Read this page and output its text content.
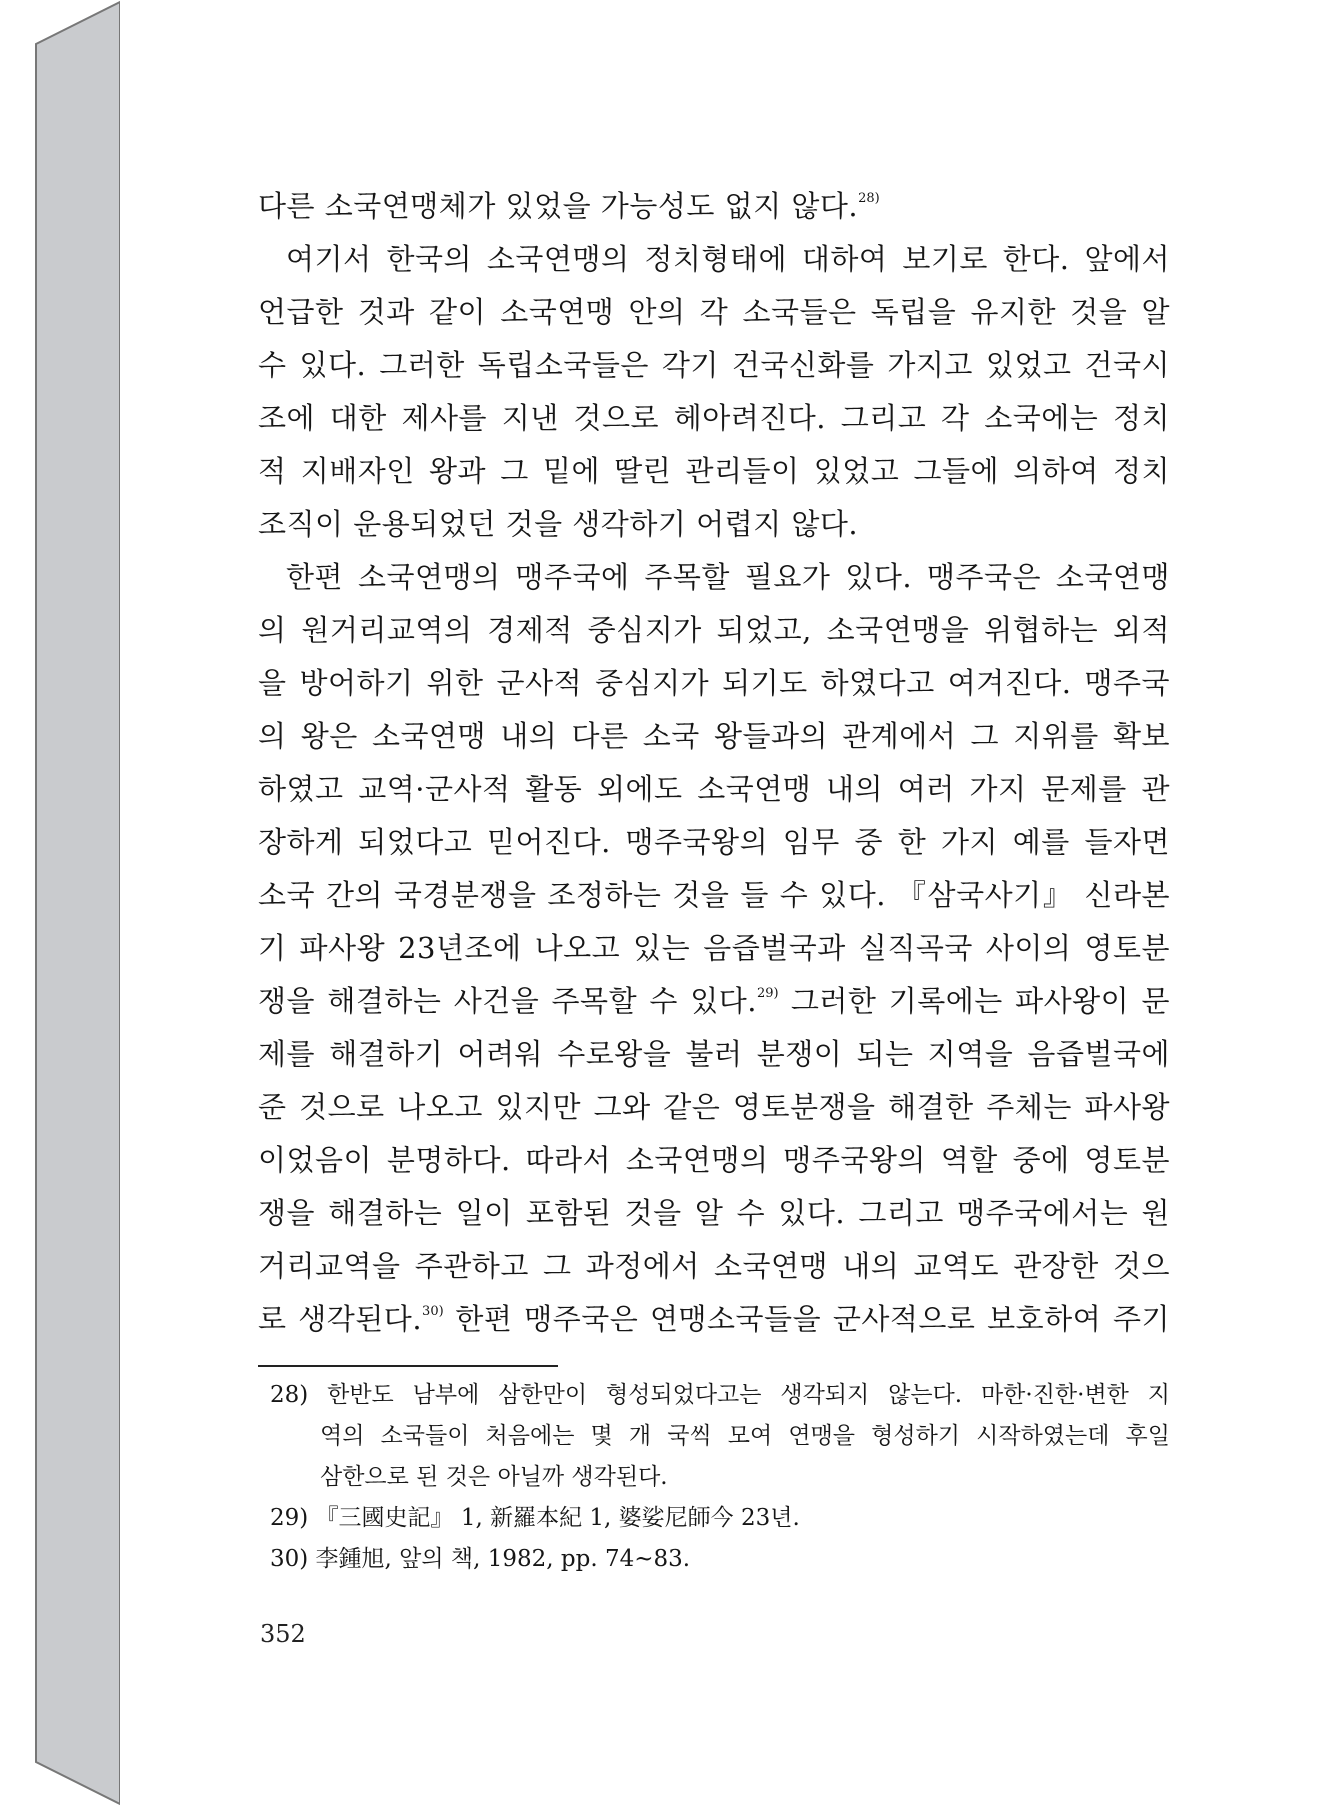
다른 소국연맹체가 있었을 가능성도 없지 않다.$^{28)}$
여기서 한국의 소국연맹의 정치형태에 대하여 보기로 한다. 앞에서
언급한 것과 같이 소국연맹 안의 각 소국들은 독립을 유지한 것을 알
수 있다. 그러한 독립소국들은 각기 건국신화를 가지고 있었고 건국시
조에 대한 제사를 지낸 것으로 헤아려진다. 그리고 각 소국에는 정치
적 지배자인 왕과 그 밑에 딸린 관리들이 있었고 그들에 의하여 정치
조직이 운용되었던 것을 생각하기 어렵지 않다.
한편 소국연맹의 맹주국에 주목할 필요가 있다. 맹주국은 소국연맹
의 원거리교역의 경제적 중심지가 되었고, 소국연맹을 위협하는 외적
을 방어하기 위한 군사적 중심지가 되기도 하였다고 여겨진다. 맹주국
의 왕은 소국연맹 내의 다른 소국 왕들과의 관계에서 그 지위를 확보
하였고 교역·군사적 활동 외에도 소국연맹 내의 여러 가지 문제를 관
장하게 되었다고 믿어진다. 맹주국왕의 임무 중 한 가지 예를 들자면
소국 간의 국경분쟁을 조정하는 것을 들 수 있다. 『삼국사기』 신라본
기 파사왕 23년조에 나오고 있는 음즙벌국과 실직곡국 사이의 영토분
쟁을 해결하는 사건을 주목할 수 있다.$^{29)}$ 그러한 기록에는 파사왕이 문
제를 해결하기 어려워 수로왕을 불러 분쟁이 되는 지역을 음즙벌국에
준 것으로 나오고 있지만 그와 같은 영토분쟁을 해결한 주체는 파사왕
이었음이 분명하다. 따라서 소국연맹의 맹주국왕의 역할 중에 영토분
쟁을 해결하는 일이 포함된 것을 알 수 있다. 그리고 맹주국에서는 원
거리교역을 주관하고 그 과정에서 소국연맹 내의 교역도 관장한 것으
로 생각된다.$^{30)}$ 한편 맹주국은 연맹소국들을 군사적으로 보호하여 주기
28) 한반도 남부에 삼한만이 형성되었다고는 생각되지 않는다. 마한·진한·변한 지
역의 소국들이 처음에는 몇 개 국씩 모여 연맹을 형성하기 시작하였는데 후일
삼한으로 된 것은 아닐까 생각된다.
29) 『三國史記』 1, 新羅本紀 1, 婆娑尼師今 23년.
30) 李鍾旭, 앞의 책, 1982, pp. 74~83.
352
